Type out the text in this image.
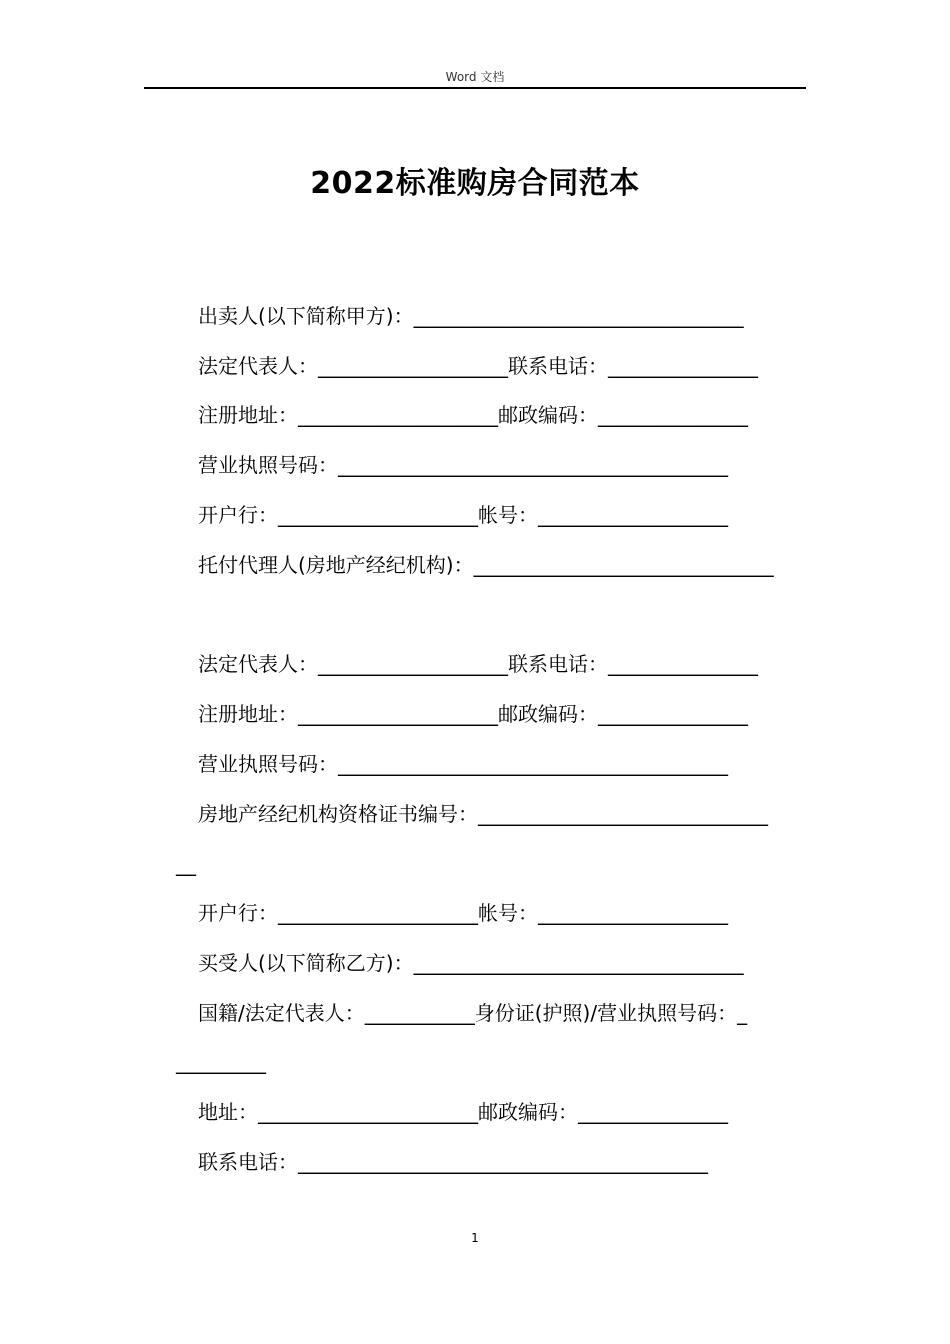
Word 文档
2022标准购房合同范本
出卖人(以下简称甲方)：_________________________________
法定代表人：___________________联系电话：_______________
注册地址：____________________邮政编码：_______________
营业执照号码：_______________________________________
开户行：____________________帐号：___________________
托付代理人(房地产经纪机构)：______________________________
法定代表人：___________________联系电话：_______________
注册地址：____________________邮政编码：_______________
营业执照号码：_______________________________________
房地产经纪机构资格证书编号：_____________________________
__
开户行：____________________帐号：___________________
买受人(以下简称乙方)：_________________________________
国籍/法定代表人：___________身份证(护照)/营业执照号码：_
_________
地址：______________________邮政编码：_______________
联系电话：_________________________________________
1
